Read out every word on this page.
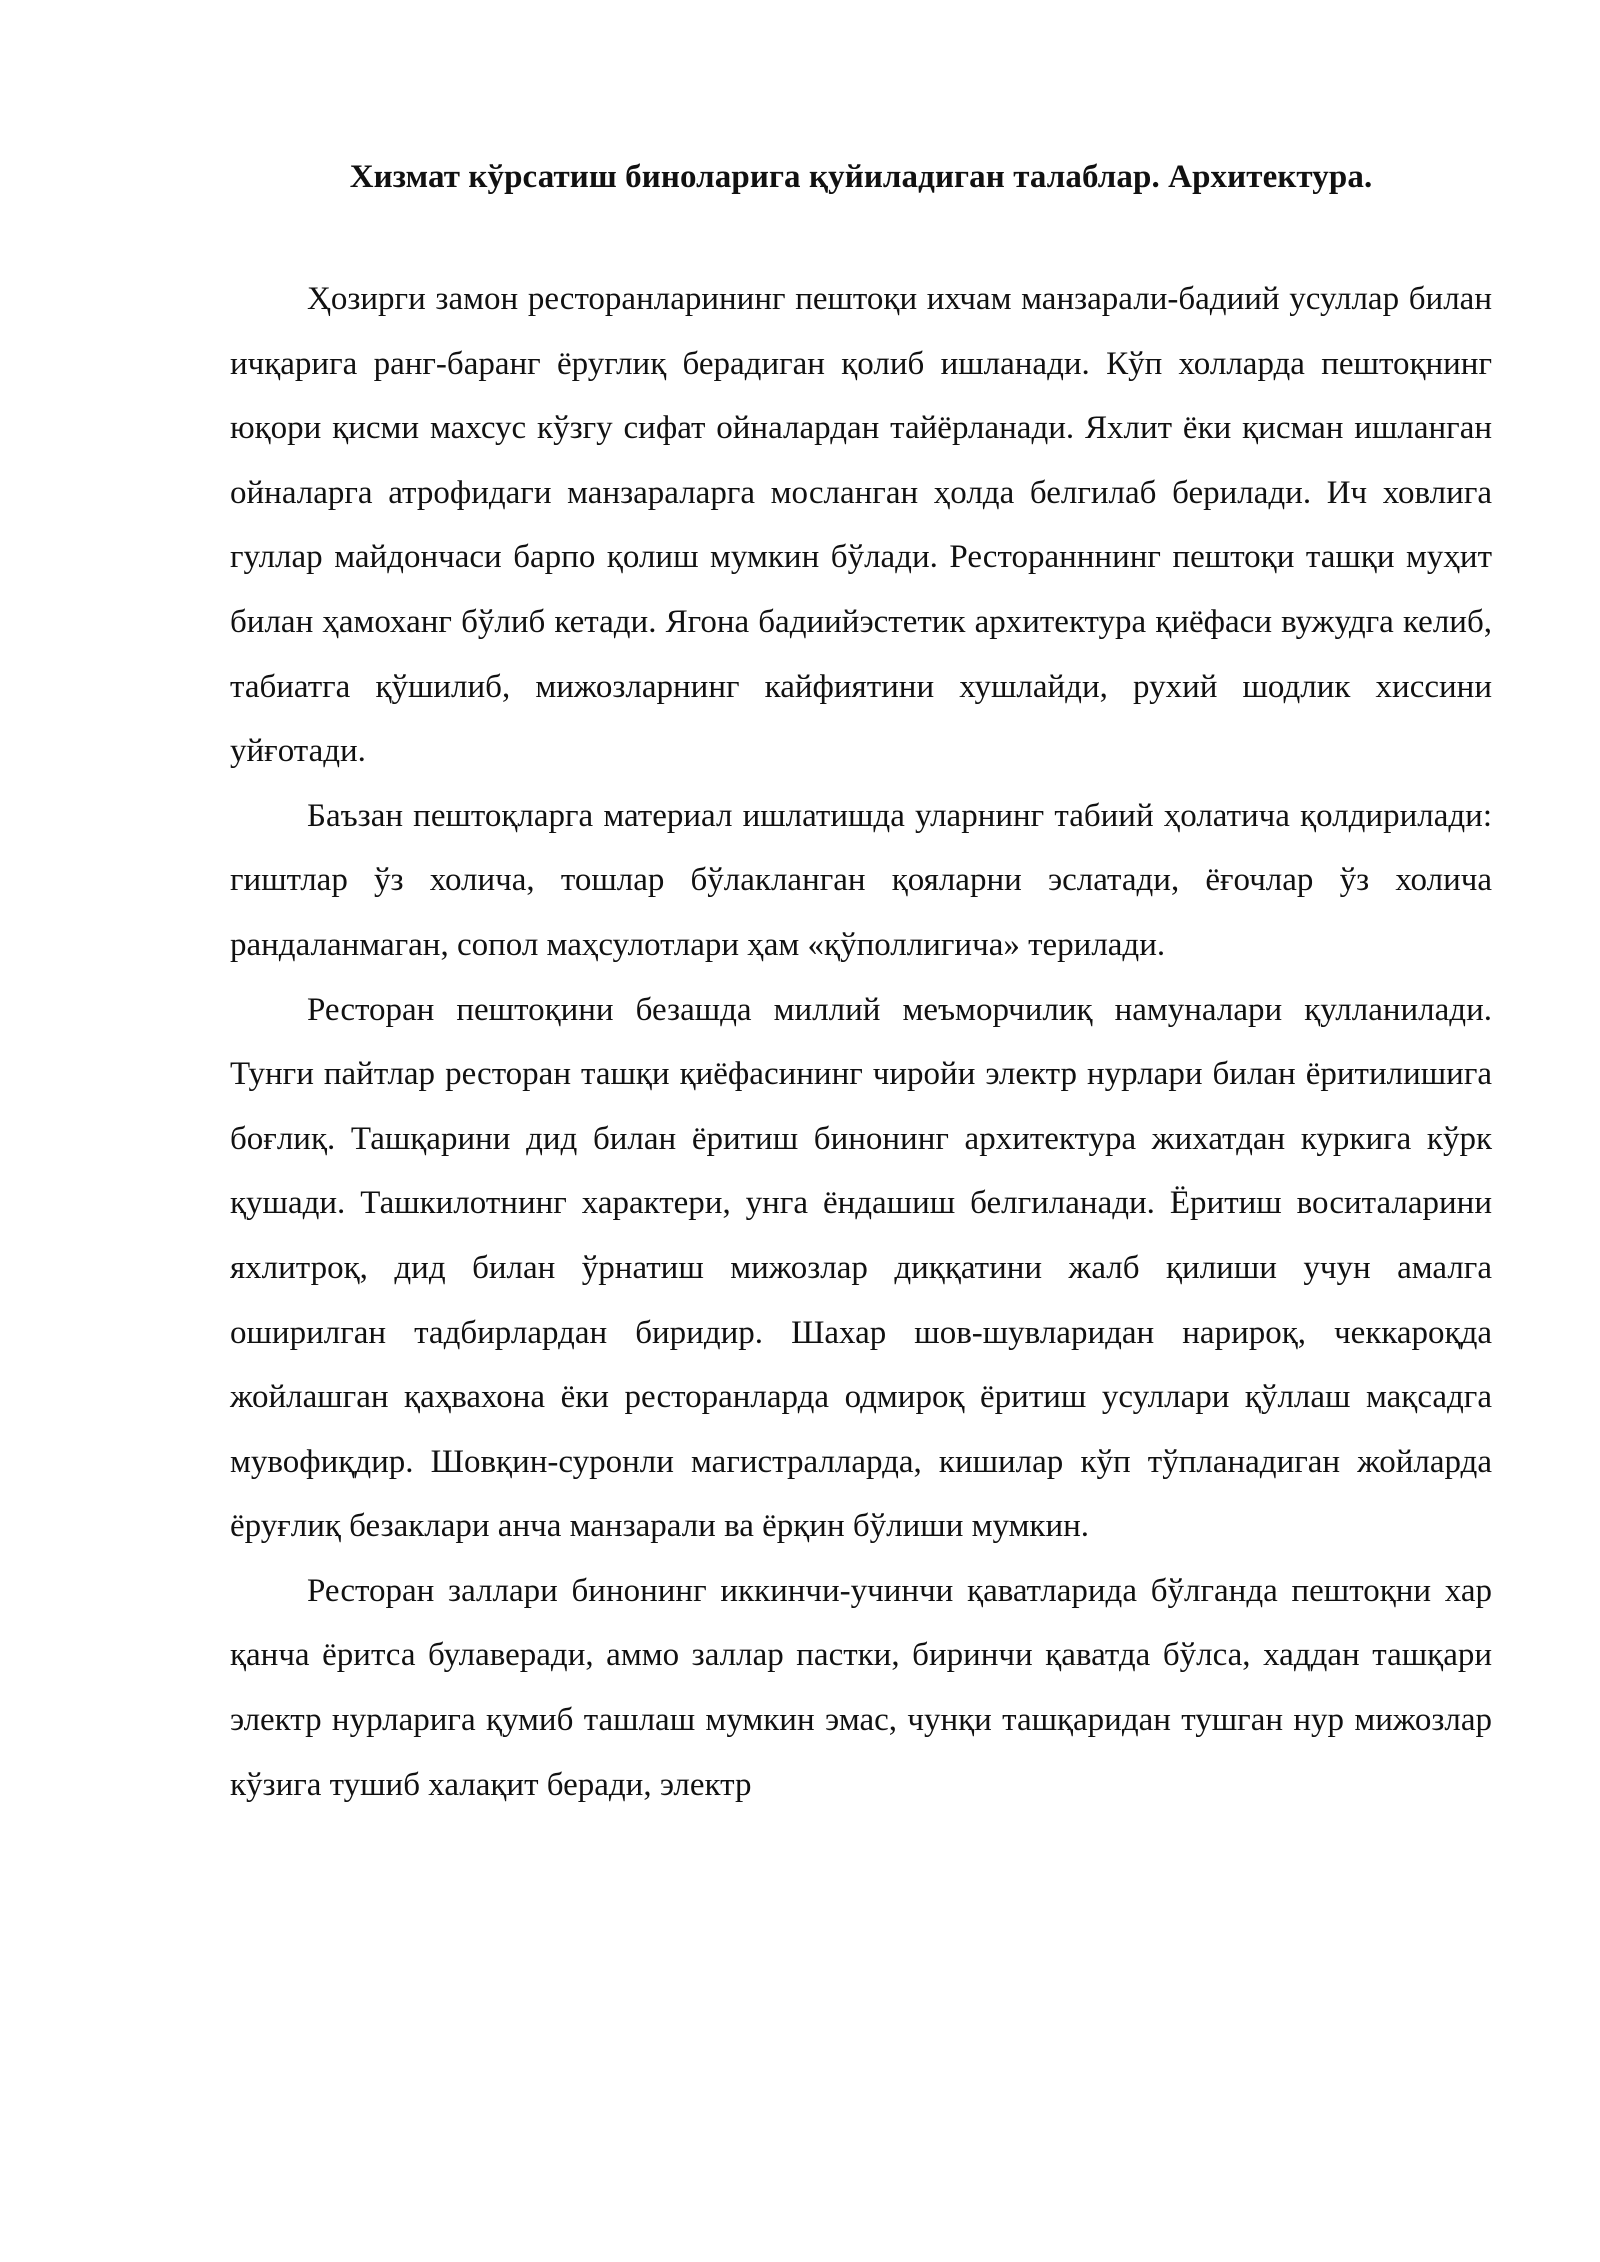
Хизмат кўрсатиш биноларига қуйиладиган талаблар. Архитектура.

Ҳозирги замон ресторанларининг пештоқи ихчам манзарали-бадиий усуллар билан ичқарига ранг-баранг ёруглиқ берадиган қолиб ишланади. Кўп холларда пештоқнинг юқори қисми махсус кўзгу сифат ойналардан тайёрланади. Яхлит ёки қисман ишланган ойналарга атрофидаги манзараларга мосланган ҳолда белгилаб берилади. Ич ховлига гуллар майдончаси барпо қолиш мумкин бўлади. Ресторанннинг пештоқи ташқи муҳит билан ҳамоханг бўлиб кетади. Ягона бадиийэстетик архитектура қиёфаси вужудга келиб, табиатга қўшилиб, мижозларнинг кайфиятини хушлайди, рухий шодлик хиссини уйғотади.

Баъзан пештоқларга материал ишлатишда уларнинг табиий ҳолатича қолдирилади: гиштлар ўз холича, тошлар бўлакланган қояларни эслатади, ёғочлар ўз холича рандаланмаган, сопол маҳсулотлари ҳам «қўполлигича» терилади.

Ресторан пештоқини безашда миллий меъморчилиқ намуналари қулланилади. Тунги пайтлар ресторан ташқи қиёфасининг чиройи электр нурлари билан ёритилишига боғлиқ. Ташқарини дид билан ёритиш бинонинг архитектура жихатдан куркига кўрк қушади. Ташкилотнинг характери, унга ёндашиш белгиланади. Ёритиш воситаларини яхлитроқ, дид билан ўрнатиш мижозлар диққатини жалб қилиши учун амалга оширилган тадбирлардан биридир. Шахар шов-шувларидан нарироқ, чеккароқда жойлашган қаҳвахона ёки ресторанларда одмироқ ёритиш усуллари қўллаш мақсадга мувофиқдир. Шовқин-суронли магистралларда, кишилар кўп тўпланадиган жойларда ёруғлиқ безаклари анча манзарали ва ёрқин бўлиши мумкин.

Ресторан заллари бинонинг иккинчи-учинчи қаватларида бўлганда пештоқни хар қанча ёритса булаверади, аммо заллар пастки, биринчи қаватда бўлса, хаддан ташқари электр нурларига қумиб ташлаш мумкин эмас, чунқи ташқаридан тушган нур мижозлар кўзига тушиб халақит беради, электр
